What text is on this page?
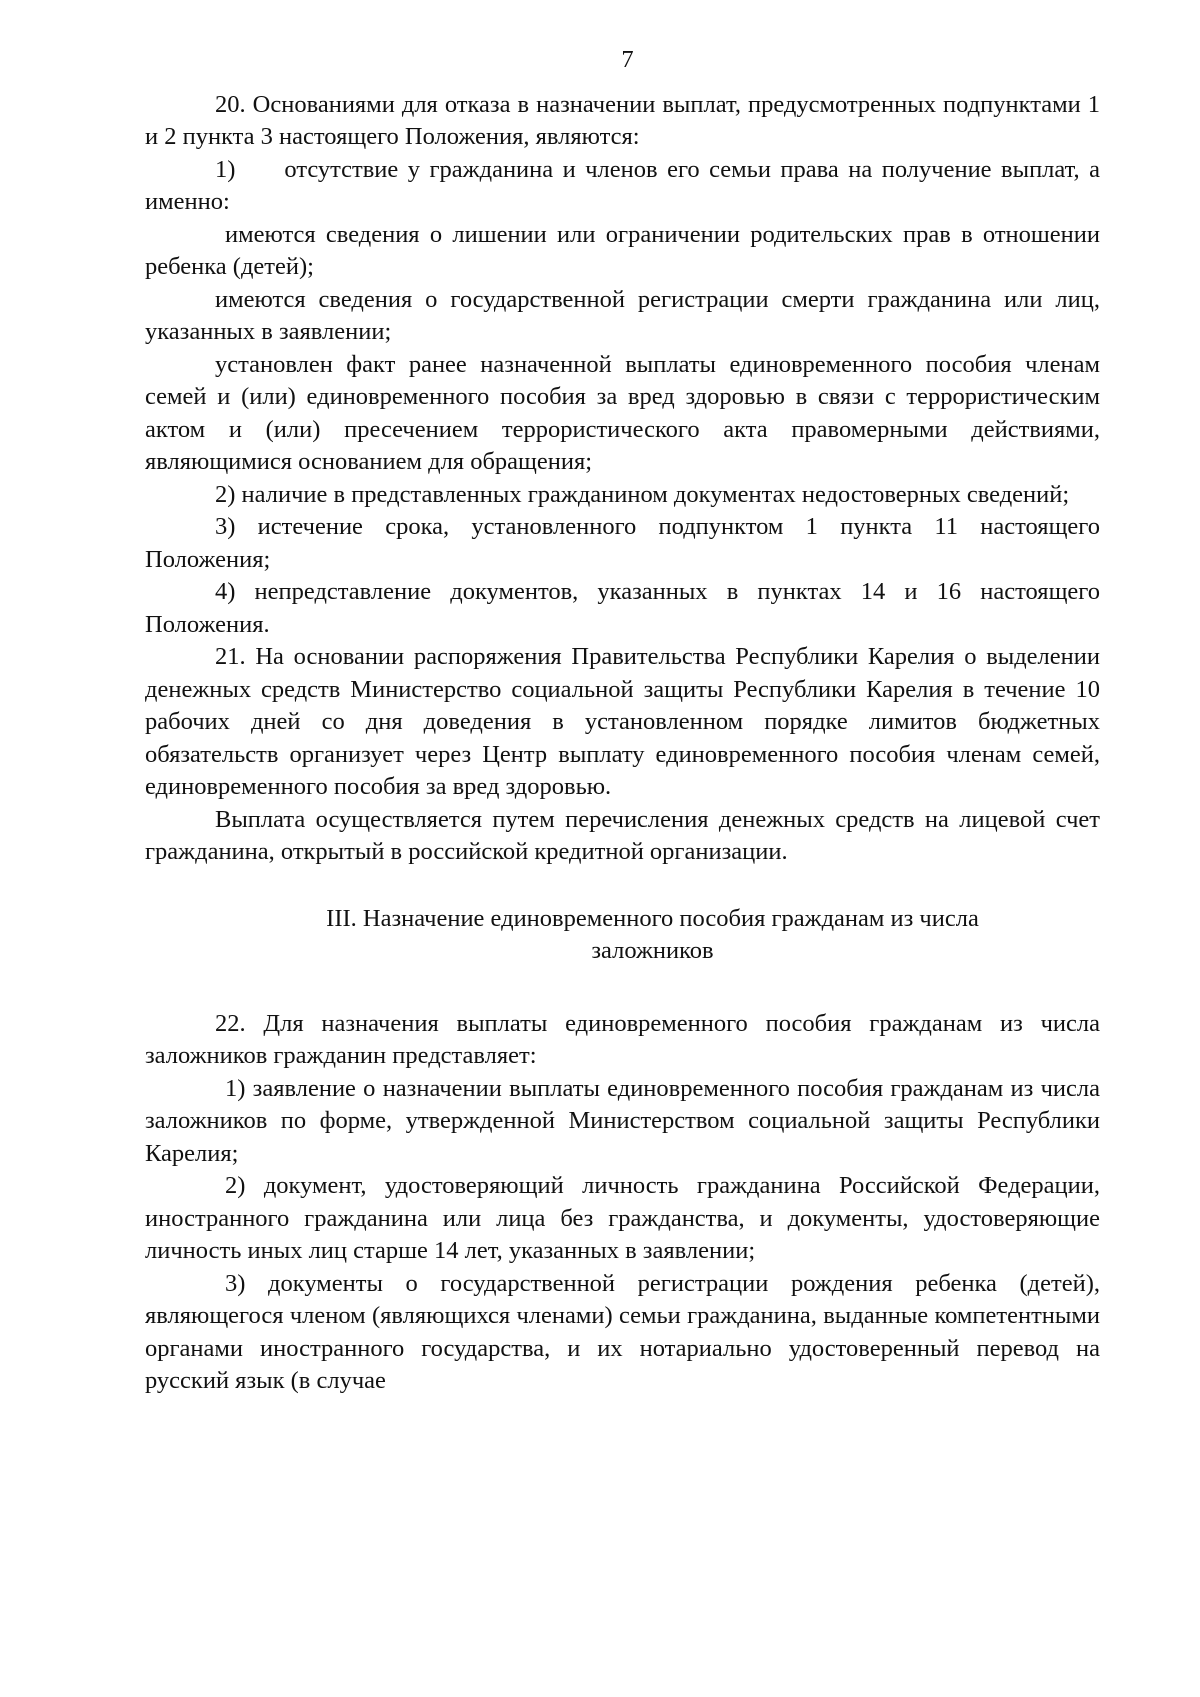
7

20. Основаниями для отказа в назначении выплат, предусмотренных подпунктами 1 и 2 пункта 3 настоящего Положения, являются:

1)  отсутствие у гражданина и членов его семьи права на получение выплат, а именно:

имеются сведения о лишении или ограничении родительских прав в отношении ребенка (детей);

имеются сведения о государственной регистрации смерти гражданина или лиц, указанных в заявлении;

установлен факт ранее назначенной выплаты единовременного пособия членам семей и (или) единовременного пособия за вред здоровью в связи с террористическим актом и (или) пресечением террористического акта правомерными действиями, являющимися основанием для обращения;

2) наличие в представленных гражданином документах недостоверных сведений;

3) истечение срока, установленного подпунктом 1 пункта 11 настоящего Положения;

4) непредставление документов, указанных в пунктах 14 и 16 настоящего Положения.

21. На основании распоряжения Правительства Республики Карелия о выделении денежных средств Министерство социальной защиты Республики Карелия в течение 10 рабочих дней со дня доведения в установленном порядке лимитов бюджетных обязательств организует через Центр выплату единовременного пособия членам семей, единовременного пособия за вред здоровью.

Выплата осуществляется путем перечисления денежных средств на лицевой счет гражданина, открытый в российской кредитной организации.

III. Назначение единовременного пособия гражданам из числа
заложников

22. Для назначения выплаты единовременного пособия гражданам из числа заложников гражданин представляет:

1) заявление о назначении выплаты единовременного пособия гражданам из числа заложников по форме, утвержденной Министерством социальной защиты Республики Карелия;

2) документ, удостоверяющий личность гражданина Российской Федерации, иностранного гражданина или лица без гражданства, и документы, удостоверяющие личность иных лиц старше 14 лет, указанных в заявлении;

3) документы о государственной регистрации рождения ребенка (детей), являющегося членом (являющихся членами) семьи гражданина, выданные компетентными органами иностранного государства, и их нотариально удостоверенный перевод на русский язык (в случае
